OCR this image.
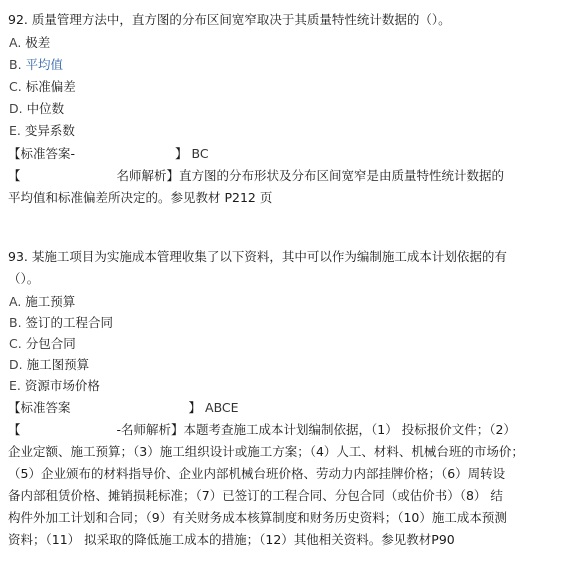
92. 质量管理方法中，直方图的分布区间宽窄取决于其质量特性统计数据的（）。
A. 极差
B. 平均值
C. 标准偏差
D. 中位数
E. 变异系数
【标准答案-	】 BC
【	名师解析】直方图的分布形状及分布区间宽窄是由质量特性统计数据的
平均值和标准偏差所决定的。参见教材 P212 页
93. 某施工项目为实施成本管理收集了以下资料，其中可以作为编制施工成本计划依据的有
（）。
A. 施工预算
B. 签订的工程合同
C. 分包合同
D. 施工图预算
E. 资源市场价格
【标准答案	】 ABCE
【	-名师解析】本题考查施工成本计划编制依据，（1） 投标报价文件；（2）
企业定额、施工预算；（3）施工组织设计或施工方案；（4）人工、材料、机械台班的市场价；
（5）企业颁布的材料指导价、企业内部机械台班价格、劳动力内部挂牌价格；（6）周转设
备内部租赁价格、摊销损耗标准；（7）已签订的工程合同、分包合同（或估价书）（8） 结
构件外加工计划和合同；（9）有关财务成本核算制度和财务历史资料；（10）施工成本预测
资料；（11） 拟采取的降低施工成本的措施；（12）其他相关资料。参见教材P90
